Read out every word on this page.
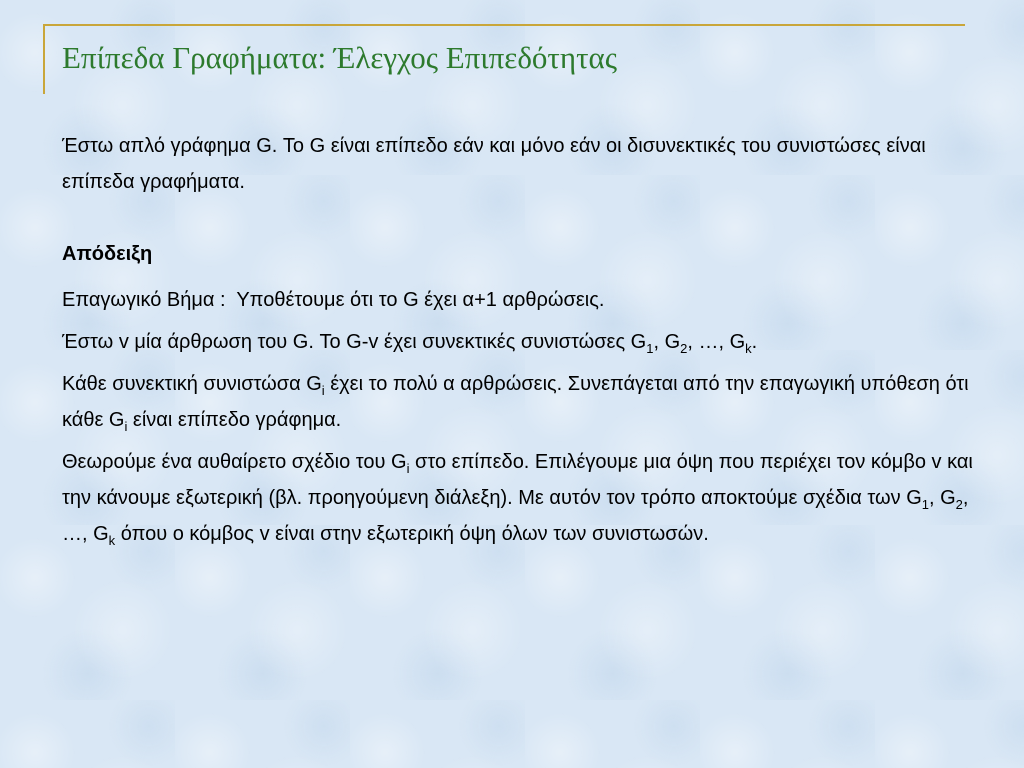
Επίπεδα Γραφήματα: Έλεγχος Επιπεδότητας

Έστω απλό γράφημα G. Το G είναι επίπεδο εάν και μόνο εάν οι δισυνεκτικές του συνιστώσες είναι επίπεδα γραφήματα.

Απόδειξη

Επαγωγικό Βήμα : Υποθέτουμε ότι το G έχει α+1 αρθρώσεις.

Έστω v μία άρθρωση του G. Το G-v έχει συνεκτικές συνιστώσες $G_1$, $G_2$, …, $G_k$.

Κάθε συνεκτική συνιστώσα $G_i$ έχει το πολύ α αρθρώσεις. Συνεπάγεται από την επαγωγική υπόθεση ότι κάθε $G_i$ είναι επίπεδο γράφημα.

Θεωρούμε ένα αυθαίρετο σχέδιο του $G_i$ στο επίπεδο. Επιλέγουμε μια όψη που περιέχει τον κόμβο v και την κάνουμε εξωτερική (βλ. προηγούμενη διάλεξη). Με αυτόν τον τρόπο αποκτούμε σχέδια των $G_1$, $G_2$, …, $G_k$ όπου ο κόμβος v είναι στην εξωτερική όψη όλων των συνιστωσών.
